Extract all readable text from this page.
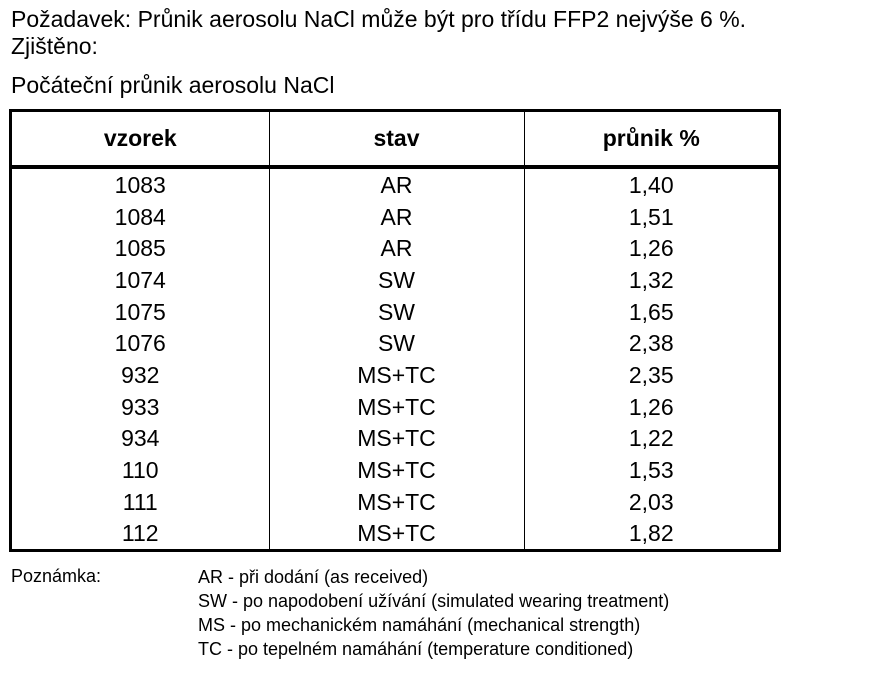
Požadavek: Průnik aerosolu NaCl může být pro třídu FFP2 nejvýše 6 %.
Zjištěno:
Počáteční průnik aerosolu NaCl
vzorek	stav	průnik %
1083	AR	1,40
1084	AR	1,51
1085	AR	1,26
1074	SW	1,32
1075	SW	1,65
1076	SW	2,38
932	MS+TC	2,35
933	MS+TC	1,26
934	MS+TC	1,22
110	MS+TC	1,53
111	MS+TC	2,03
112	MS+TC	1,82
Poznámka:	AR - při dodání (as received)
SW - po napodobení užívání (simulated wearing treatment)
MS - po mechanickém namáhání (mechanical strength)
TC - po tepelném namáhání (temperature conditioned)
